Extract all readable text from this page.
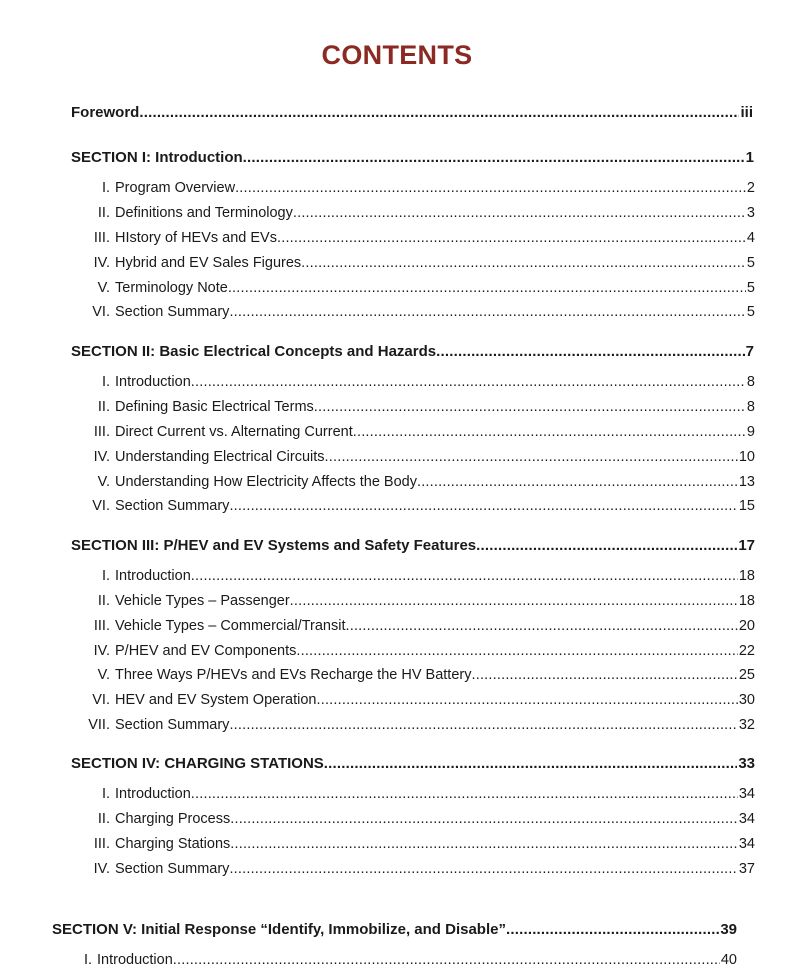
CONTENTS
Foreword .....	iii
SECTION I: Introduction .....	1
I. Program Overview .....	2
II. Definitions and Terminology .....	3
III. HIstory of HEVs and EVs .....	4
IV. Hybrid and EV Sales Figures .....	5
V. Terminology Note .....	5
VI. Section Summary .....	5
SECTION II: Basic Electrical Concepts and Hazards .....	7
I. Introduction .....	8
II. Defining Basic Electrical Terms .....	8
III. Direct Current vs. Alternating Current .....	9
IV. Understanding Electrical Circuits .....	10
V. Understanding How Electricity Affects the Body .....	13
VI. Section Summary .....	15
SECTION III: P/HEV and EV Systems and Safety Features .....	17
I. Introduction .....	18
II. Vehicle Types – Passenger .....	18
III. Vehicle Types – Commercial/Transit .....	20
IV. P/HEV and EV Components .....	22
V. Three Ways P/HEVs and EVs Recharge the HV Battery .....	25
VI. HEV and EV System Operation .....	30
VII. Section Summary .....	32
SECTION IV: CHARGING STATIONS .....	33
I. Introduction .....	34
II. Charging Process .....	34
III. Charging Stations .....	34
IV. Section Summary .....	37
SECTION V: Initial Response “Identify, Immobilize, and Disable” .....	39
I. Introduction .....	40
